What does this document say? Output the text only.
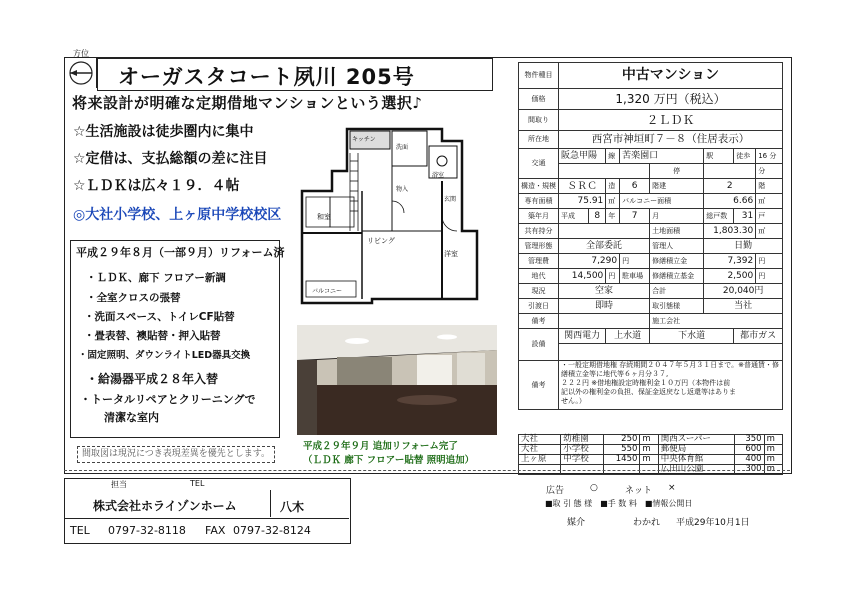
方位
オーガスタコート夙川 205号
将来設計が明確な定期借地マンションという選択♪
☆生活施設は徒歩圏内に集中
☆定借は、支払総額の差に注目
☆ＬＤＫは広々１９．４帖
◎大社小学校、上ヶ原中学校校区
平成２９年８月（一部９月）リフォーム済
・ＬＤＫ、廊下 フロアー新調
・全室クロスの張替
・洗面スペース、トイレCF貼替
・畳表替、襖貼替・押入貼替
・固定照明、ダウンライトLED器具交換
・給湯器平成２８年入替
・トータルリペアとクリーニングで
清潔な室内
間取図は現況につき表現差異を優先とします。
和室
リビング
キッチン
洗面
浴室
洋室
バルコニー
玄関
物入
平成２９年９月 追加リフォーム完了
（ＬＤＫ 廊下 フロアー貼替 照明追加）
物件種目	中古マンション							
価格	1,320 万円（税込）							
間取り	２ＬＤＫ							
所在地	西宮市神垣町７－８（住居表示）							
交通	阪急甲陽		線	苦楽園口		駅	徒歩	16 分
					停			分
構造・規模	ＳＲＣ		造	6	階建	2		階
専有面積	75.91		㎡	バルコニー面積		6.66		㎡
築年月	平成	8	年	7	月	総戸数	31	戸
共有持分					土地面積	1,803.30		㎡
管理形態	全部委託				管理人	日勤		
管理費	7,290			円	修繕積立金	7,392		円
地代	14,500		円	駐車場	修繕積立基金	2,500		円
現況	空家				合計	20,040円		
引渡日	即時				取引態様	当社		
備考					施工会社			
設備	関西電力		上水道		下水道		都市ガス	

備考	・一般定期借地権 存続期間２０４７年５月３１日まで。※普通賃・修繕積立金等に地代等６ヶ月分３７,
２２２円 ※借地権設定時権利金１０万円（本物件は前
記以外の権利金の負担、保証金返戻なし返還等はありま
せん。）							
大社	幼稚園	250	m	関西スーパー	350	m
大社	小学校	550	m	郵便局	600	m
上ヶ原	中学校	1450	m	中央体育館	400	m
				広田山公園	300	m
担当	TEL
株式会社ホライゾンホーム	八木
TEL 0797-32-8118 FAX 0797-32-8124
広告	○	ネット ×
■取 引 態 様　■手 数 料　■情報公開日
媒介	わかれ 平成29年10月1日
